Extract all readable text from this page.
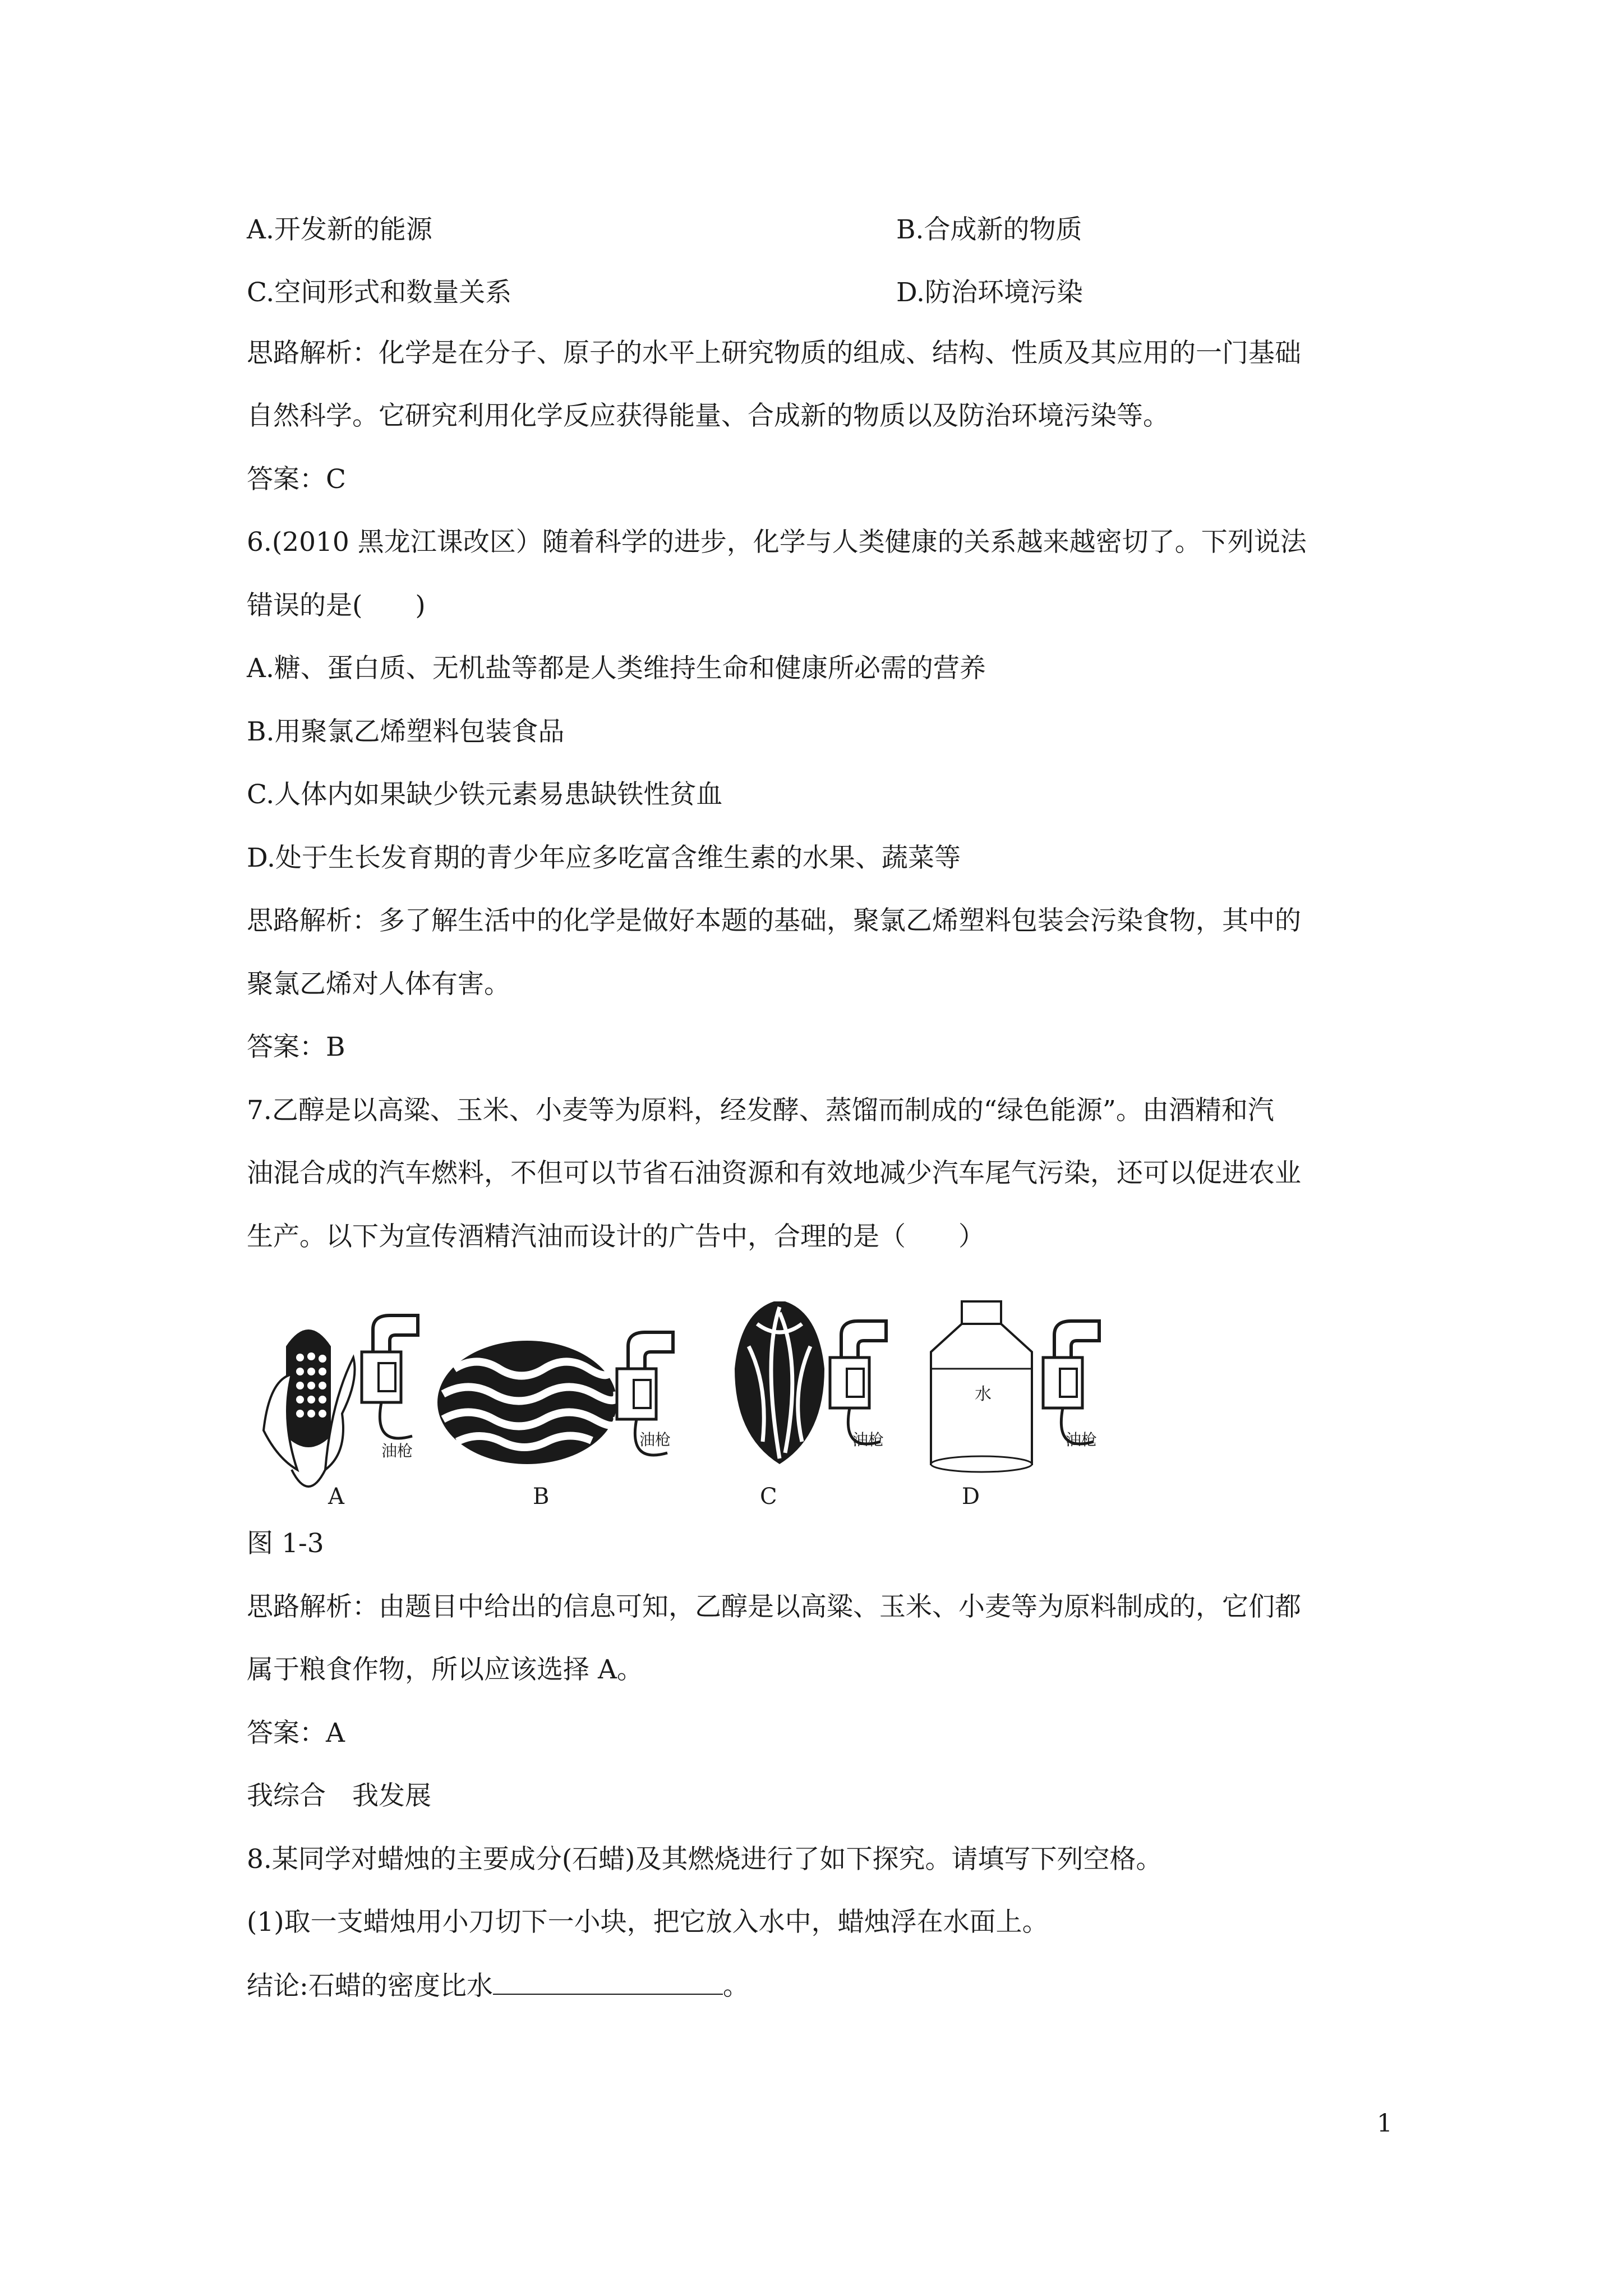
A.开发新的能源	B.合成新的物质
C.空间形式和数量关系	D.防治环境污染
思路解析：化学是在分子、原子的水平上研究物质的组成、结构、性质及其应用的一门基础
自然科学。它研究利用化学反应获得能量、合成新的物质以及防治环境污染等。
答案：C
6.(2010 黑龙江课改区）随着科学的进步，化学与人类健康的关系越来越密切了。下列说法
错误的是(　　)
A.糖、蛋白质、无机盐等都是人类维持生命和健康所必需的营养
B.用聚氯乙烯塑料包装食品
C.人体内如果缺少铁元素易患缺铁性贫血
D.处于生长发育期的青少年应多吃富含维生素的水果、蔬菜等
思路解析：多了解生活中的化学是做好本题的基础，聚氯乙烯塑料包装会污染食物，其中的
聚氯乙烯对人体有害。
答案：B
7.乙醇是以高粱、玉米、小麦等为原料，经发酵、蒸馏而制成的“绿色能源”。由酒精和汽
油混合成的汽车燃料，不但可以节省石油资源和有效地减少汽车尾气污染，还可以促进农业
生产。以下为宣传酒精汽油而设计的广告中，合理的是（　　）
油枪
油枪	油枪	油枪
水
A	B	C	D
图 1-3
思路解析：由题目中给出的信息可知，乙醇是以高粱、玉米、小麦等为原料制成的，它们都
属于粮食作物，所以应该选择 A。
答案：A
我综合　我发展
8.某同学对蜡烛的主要成分(石蜡)及其燃烧进行了如下探究。请填写下列空格。
(1)取一支蜡烛用小刀切下一小块，把它放入水中，蜡烛浮在水面上。
结论:石蜡的密度比水	。
1
